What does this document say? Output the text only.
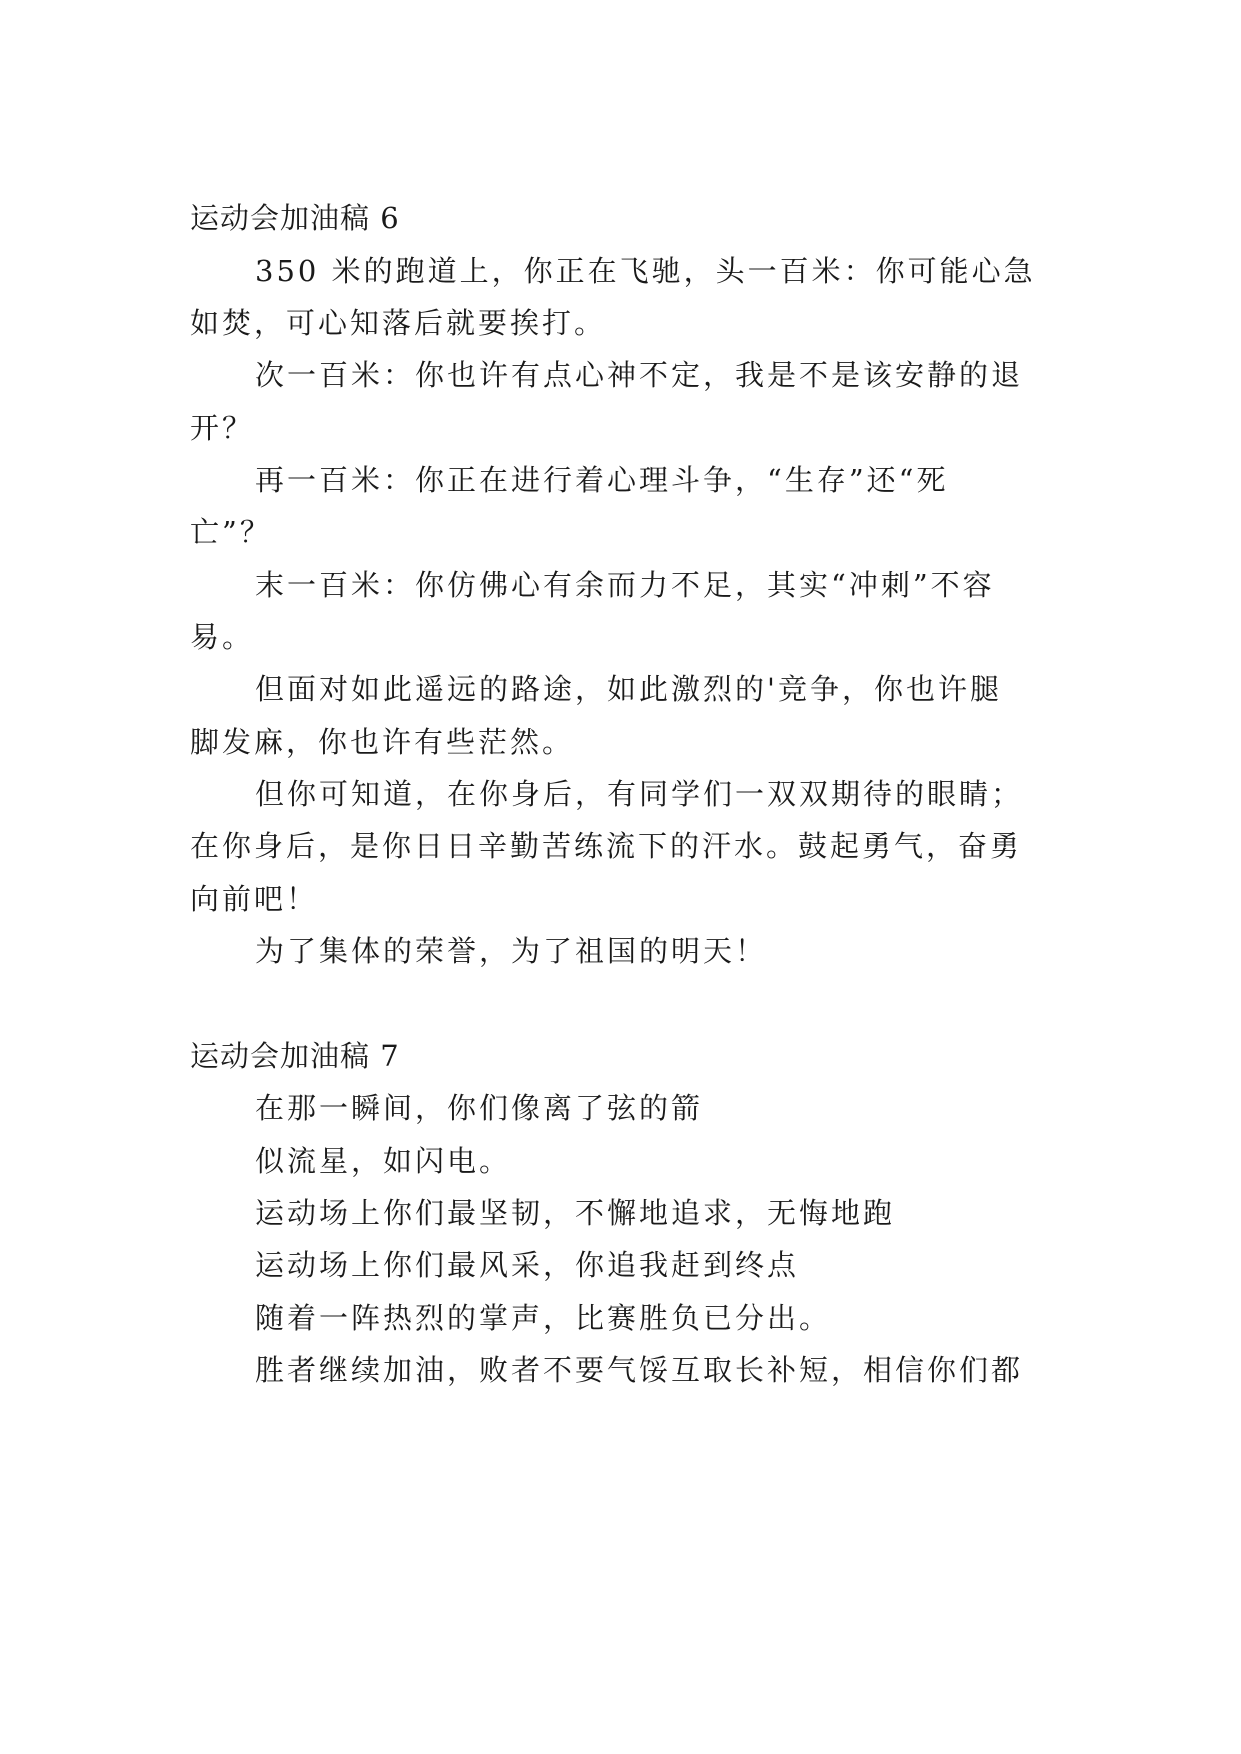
运动会加油稿 6
350 米的跑道上，你正在飞驰，头一百米：你可能心急
如焚，可心知落后就要挨打。
次一百米：你也许有点心神不定，我是不是该安静的退
开？
再一百米：你正在进行着心理斗争，“生存”还“死
亡”？
末一百米：你仿佛心有余而力不足，其实“冲刺”不容
易。
但面对如此遥远的路途，如此激烈的'竞争，你也许腿
脚发麻，你也许有些茫然。
但你可知道，在你身后，有同学们一双双期待的眼睛；
在你身后，是你日日辛勤苦练流下的汗水。鼓起勇气，奋勇
向前吧！
为了集体的荣誉，为了祖国的明天！
运动会加油稿 7
在那一瞬间，你们像离了弦的箭
似流星，如闪电。
运动场上你们最坚韧，不懈地追求，无悔地跑
运动场上你们最风采，你追我赶到终点
随着一阵热烈的掌声，比赛胜负已分出。
胜者继续加油，败者不要气馁互取长补短，相信你们都
